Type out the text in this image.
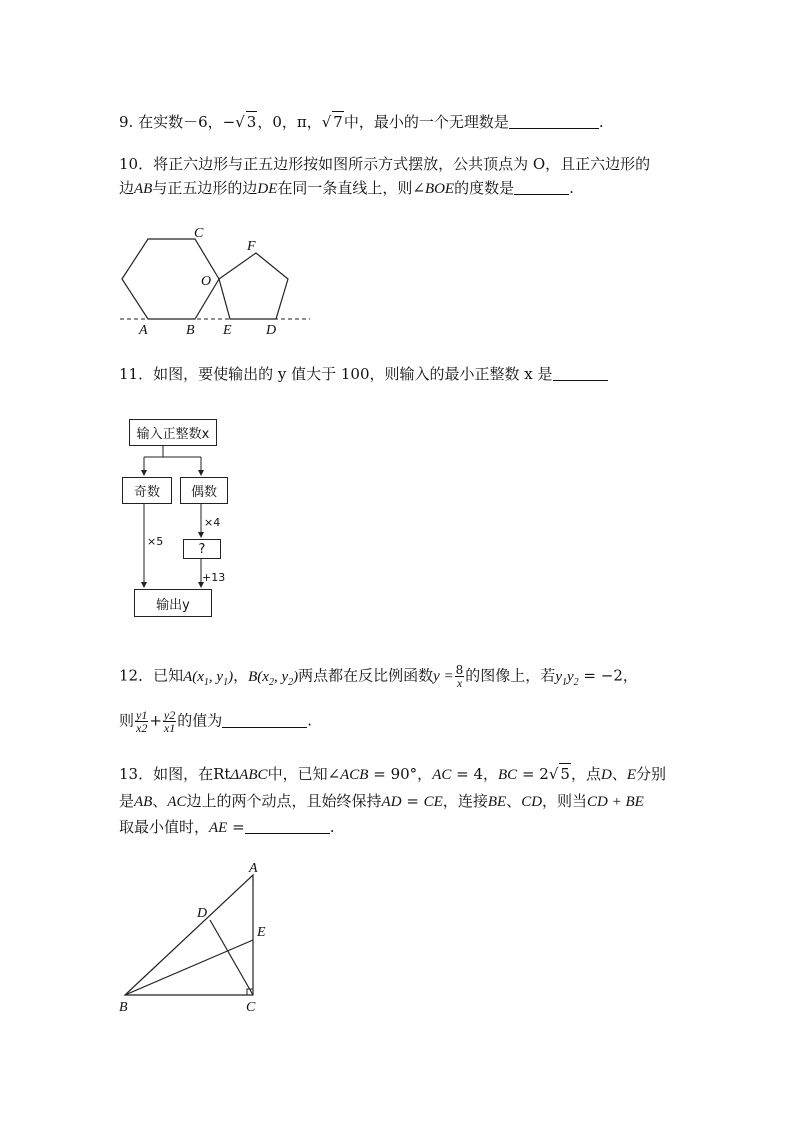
9. 在实数－6，−√ 3，0，π，√ 7中，最小的一个无理数是	.
10．将正六边形与正五边形按如图所示方式摆放，公共顶点为 O，且正六边形的
边AB与正五边形的边DE在同一条直线上，则∠BOE的度数是	.
C
O
F
A	B E D
11．如图，要使输出的 y 值大于 100，则输入的最小正整数 x 是
输入正整数x
奇数 偶数
×5
×4
?
+13
输出y
12．已知$A(x_1$, $y_1$)，$B(x_2$, $y_2$)两点都在反比例函数$y = \frac{8}{x}$ 的图像上，若$y_1y_2 = -2$，
则 $\frac{y1}{x2} + \frac{y2}{x1}$ 的值为	.
13．如图，在RtΔABC中，已知∠ACB = 90°，AC = 4，BC = 2√ 5，点D、E分别
是AB、AC边上的两个动点，且始终保持AD = CE，连接BE、CD，则当CD + BE
取最小值时，AE =	.
A
D
E
B	C
